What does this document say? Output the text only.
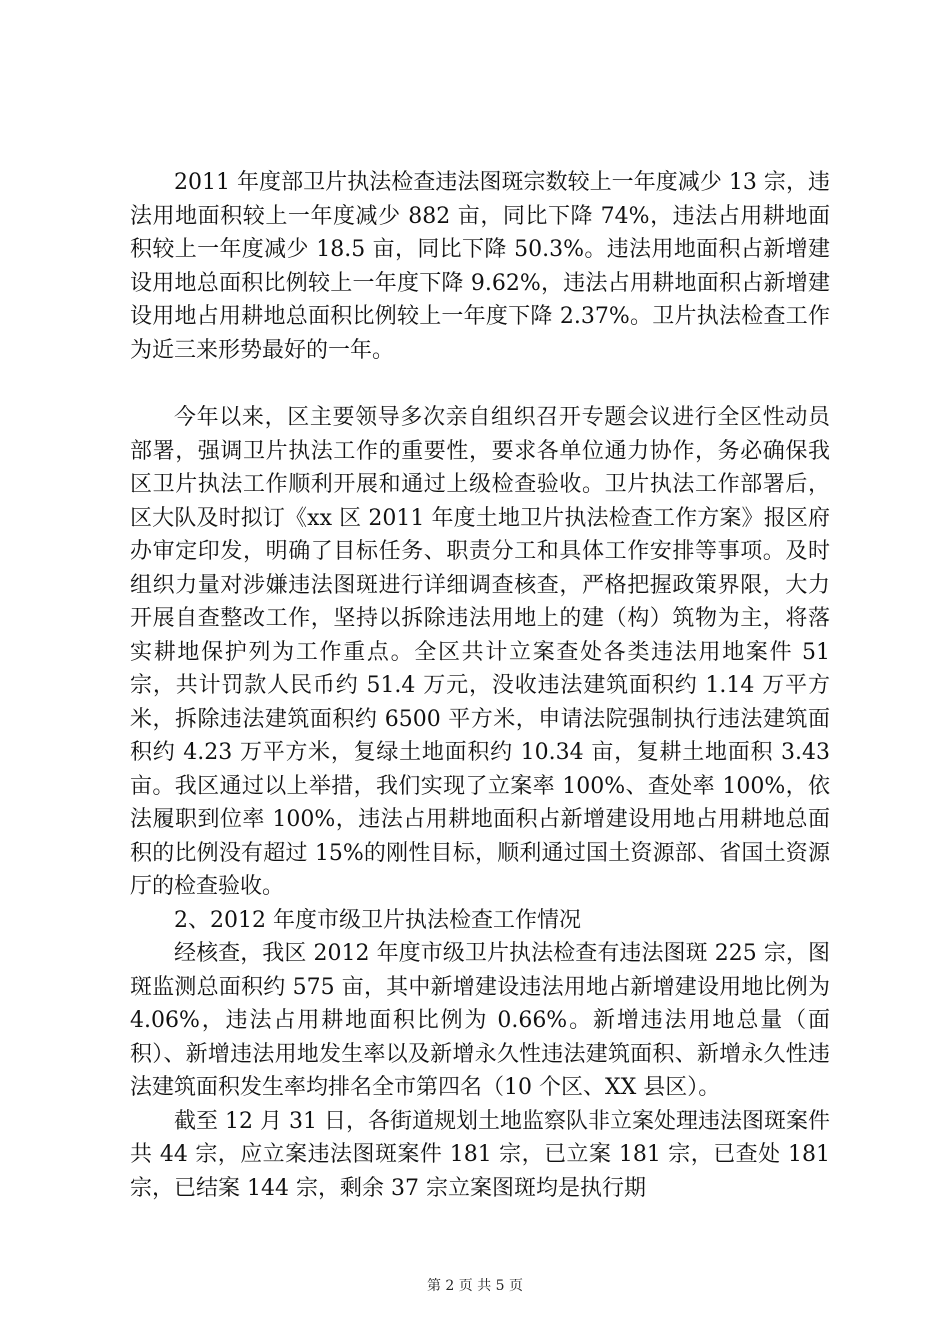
2011 年度部卫片执法检查违法图斑宗数较上一年度减少 13 宗，违法用地面积较上一年度减少 882 亩，同比下降 74%，违法占用耕地面积较上一年度减少 18.5 亩，同比下降 50.3%。违法用地面积占新增建设用地总面积比例较上一年度下降 9.62%，违法占用耕地面积占新增建设用地占用耕地总面积比例较上一年度下降 2.37%。卫片执法检查工作为近三来形势最好的一年。

今年以来，区主要领导多次亲自组织召开专题会议进行全区性动员部署，强调卫片执法工作的重要性，要求各单位通力协作，务必确保我区卫片执法工作顺利开展和通过上级检查验收。卫片执法工作部署后，区大队及时拟订《xx 区 2011 年度土地卫片执法检查工作方案》报区府办审定印发，明确了目标任务、职责分工和具体工作安排等事项。及时组织力量对涉嫌违法图斑进行详细调查核查，严格把握政策界限，大力开展自查整改工作，坚持以拆除违法用地上的建（构）筑物为主，将落实耕地保护列为工作重点。全区共计立案查处各类违法用地案件 51 宗，共计罚款人民币约 51.4 万元，没收违法建筑面积约 1.14 万平方米，拆除违法建筑面积约 6500 平方米，申请法院强制执行违法建筑面积约 4.23 万平方米，复绿土地面积约 10.34 亩，复耕土地面积 3.43 亩。我区通过以上举措，我们实现了立案率 100%、查处率 100%，依法履职到位率 100%，违法占用耕地面积占新增建设用地占用耕地总面积的比例没有超过 15%的刚性目标，顺利通过国土资源部、省国土资源厅的检查验收。

2、2012 年度市级卫片执法检查工作情况

经核查，我区 2012 年度市级卫片执法检查有违法图斑 225 宗，图斑监测总面积约 575 亩，其中新增建设违法用地占新增建设用地比例为 4.06%，违法占用耕地面积比例为 0.66%。新增违法用地总量（面积）、新增违法用地发生率以及新增永久性违法建筑面积、新增永久性违法建筑面积发生率均排名全市第四名（10 个区、XX 县区）。

截至 12 月 31 日，各街道规划土地监察队非立案处理违法图斑案件共 44 宗，应立案违法图斑案件 181 宗，已立案 181 宗，已查处 181 宗，已结案 144 宗，剩余 37 宗立案图斑均是执行期

第 2 页 共 5 页
